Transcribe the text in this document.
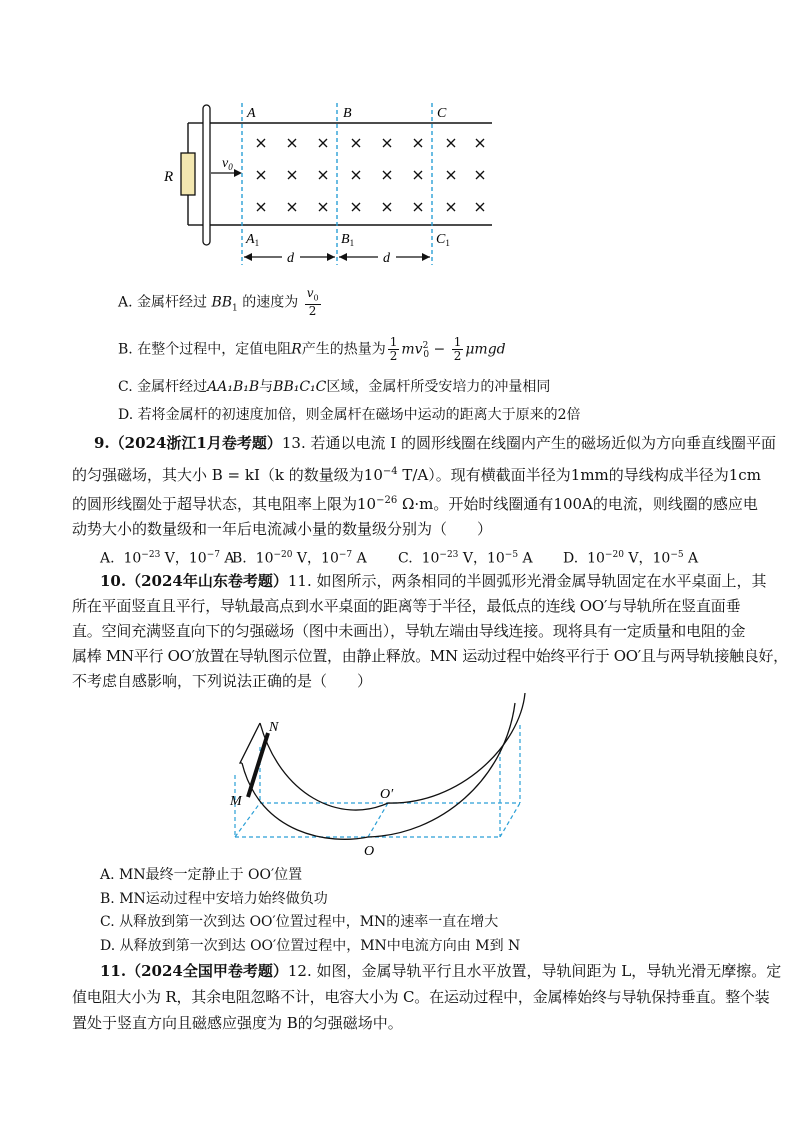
R
$v_0$
A	B	C
$A_1$	$B_1$	$C_1$
d	d
A. 金属杆经过 $BB_1$ 的速度为 $\frac{v_0}{2}$
B. 在整个过程中，定值电阻R产生的热量为 $\frac{1}{2} mv^2_0 - \frac{1}{2}$ μmgd
C. 金属杆经过AA₁B₁B与BB₁C₁C区域，金属杆所受安培力的冲量相同
D. 若将金属杆的初速度加倍，则金属杆在磁场中运动的距离大于原来的2倍
9.（2024浙江1月卷考题）13. 若通以电流 I 的圆形线圈在线圈内产生的磁场近似为方向垂直线圈平面
的匀强磁场，其大小 B = kI（k 的数量级为$10^{-4}$ T/A）。现有横截面半径为1mm的导线构成半径为1cm
的圆形线圈处于超导状态，其电阻率上限为$10^{-26}$ Ω·m。开始时线圈通有100A的电流，则线圈的感应电
动势大小的数量级和一年后电流减小量的数量级分别为（　　）
A. $10^{-23}$ V，$10^{-7}$ A
B. $10^{-20}$ V，$10^{-7}$ A C. $10^{-23}$ V，$10^{-5}$ A D. $10^{-20}$ V，$10^{-5}$ A
10.（2024年山东卷考题）11. 如图所示，两条相同的半圆弧形光滑金属导轨固定在水平桌面上，其
所在平面竖直且平行，导轨最高点到水平桌面的距离等于半径，最低点的连线 OO′与导轨所在竖直面垂
直。空间充满竖直向下的匀强磁场（图中未画出），导轨左端由导线连接。现将具有一定质量和电阻的金
属棒 MN平行 OO′放置在导轨图示位置，由静止释放。MN 运动过程中始终平行于 OO′且与两导轨接触良好，
不考虑自感影响，下列说法正确的是（　　）
N
M	O′
O
A. MN最终一定静止于 OO′位置
B. MN运动过程中安培力始终做负功
C. 从释放到第一次到达 OO′位置过程中，MN的速率一直在增大
D. 从释放到第一次到达 OO′位置过程中，MN中电流方向由 M到 N
11.（2024全国甲卷考题）12. 如图，金属导轨平行且水平放置，导轨间距为 L，导轨光滑无摩擦。定
值电阻大小为 R，其余电阻忽略不计，电容大小为 C。在运动过程中，金属棒始终与导轨保持垂直。整个装
置处于竖直方向且磁感应强度为 B的匀强磁场中。
